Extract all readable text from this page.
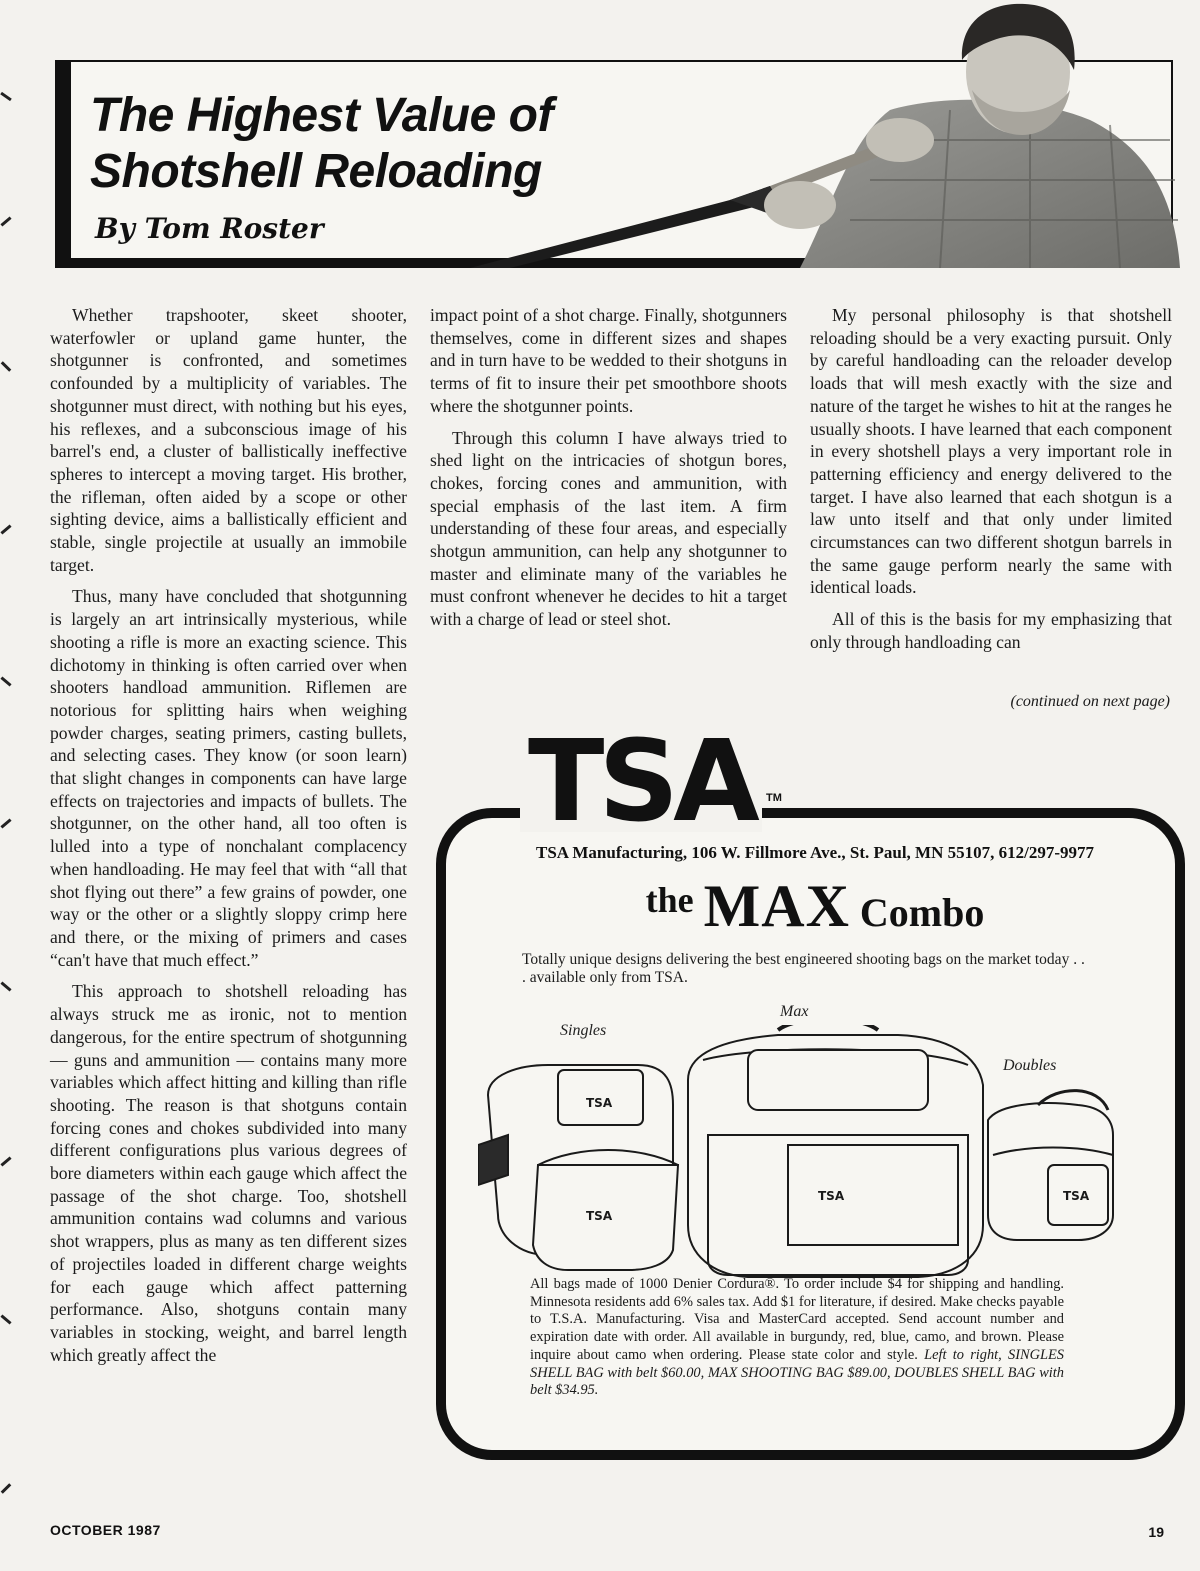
The Highest Value of Shotshell Reloading
By Tom Roster

Whether trapshooter, skeet shooter, waterfowler or upland game hunter, the shotgunner is confronted, and sometimes confounded by a multiplicity of variables. The shotgunner must direct, with nothing but his eyes, his reflexes, and a subconscious image of his barrel's end, a cluster of ballistically ineffective spheres to intercept a moving target. His brother, the rifleman, often aided by a scope or other sighting device, aims a ballistically efficient and stable, single projectile at usually an immobile target.

Thus, many have concluded that shotgunning is largely an art intrinsically mysterious, while shooting a rifle is more an exacting science. This dichotomy in thinking is often carried over when shooters handload ammunition. Riflemen are notorious for splitting hairs when weighing powder charges, seating primers, casting bullets, and selecting cases. They know (or soon learn) that slight changes in components can have large effects on trajectories and impacts of bullets. The shotgunner, on the other hand, all too often is lulled into a type of nonchalant complacency when handloading. He may feel that with “all that shot flying out there” a few grains of powder, one way or the other or a slightly sloppy crimp here and there, or the mixing of primers and cases “can't have that much effect.”

This approach to shotshell reloading has always struck me as ironic, not to mention dangerous, for the entire spectrum of shotgunning — guns and ammunition — contains many more variables which affect hitting and killing than rifle shooting. The reason is that shotguns contain forcing cones and chokes subdivided into many different configurations plus various degrees of bore diameters within each gauge which affect the passage of the shot charge. Too, shotshell ammunition contains wad columns and various shot wrappers, plus as many as ten different sizes of projectiles loaded in different charge weights for each gauge which affect patterning performance. Also, shotguns contain many variables in stocking, weight, and barrel length which greatly affect the

impact point of a shot charge. Finally, shotgunners themselves, come in different sizes and shapes and in turn have to be wedded to their shotguns in terms of fit to insure their pet smoothbore shoots where the shotgunner points.

Through this column I have always tried to shed light on the intricacies of shotgun bores, chokes, forcing cones and ammunition, with special emphasis of the last item. A firm understanding of these four areas, and especially shotgun ammunition, can help any shotgunner to master and eliminate many of the variables he must confront whenever he decides to hit a target with a charge of lead or steel shot.

My personal philosophy is that shotshell reloading should be a very exacting pursuit. Only by careful handloading can the reloader develop loads that will mesh exactly with the size and nature of the target he wishes to hit at the ranges he usually shoots. I have learned that each component in every shotshell plays a very important role in patterning efficiency and energy delivered to the target. I have also learned that each shotgun is a law unto itself and that only under limited circumstances can two different shotgun barrels in the same gauge perform nearly the same with identical loads.

All of this is the basis for my emphasizing that only through handloading can

(continued on next page)
TSA	TM
TSA Manufacturing, 106 W. Fillmore Ave., St. Paul, MN 55107, 612/297-9977
the MAX Combo
Totally unique designs delivering the best engineered shooting bags on the market today . . . available only from TSA.
Singles
Max
Doubles
TSA
TSA
TSA	TSA
All bags made of 1000 Denier Cordura®. To order include $4 for shipping and handling. Minnesota residents add 6% sales tax. Add $1 for literature, if desired. Make checks payable to T.S.A. Manufacturing. Visa and MasterCard accepted. Send account number and expiration date with order. All available in burgundy, red, blue, camo, and brown. Please inquire about camo when ordering. Please state color and style. Left to right, SINGLES SHELL BAG with belt $60.00, MAX SHOOTING BAG $89.00, DOUBLES SHELL BAG with belt $34.95.
OCTOBER 1987	19
